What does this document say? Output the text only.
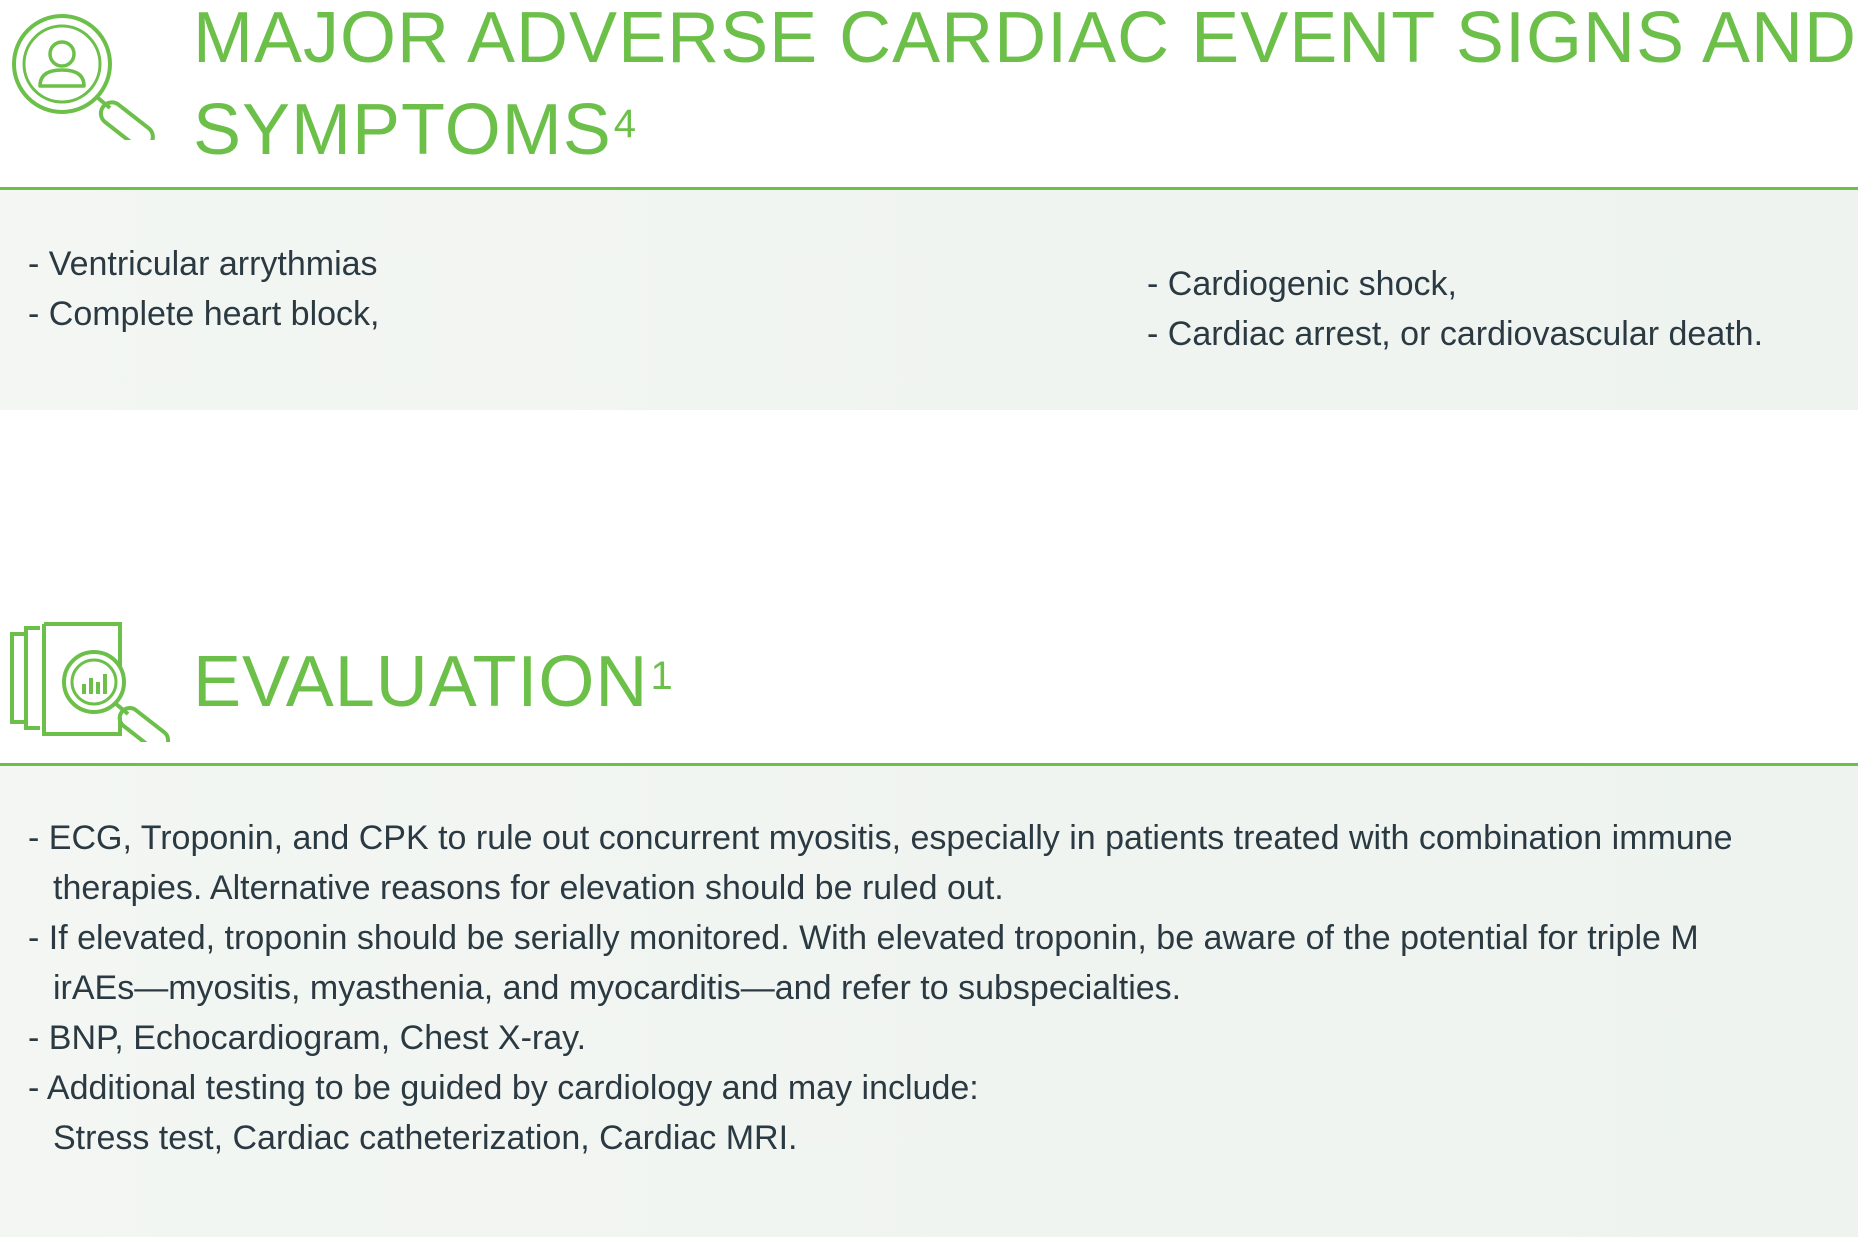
MAJOR ADVERSE CARDIAC EVENT SIGNS AND
SYMPTOMS$^4$
- Ventricular arrythmias
- Complete heart block,
- Cardiogenic shock,
- Cardiac arrest, or cardiovascular death.
EVALUATION$^1$
- ECG, Troponin, and CPK to rule out concurrent myositis, especially in patients treated with combination immune
therapies. Alternative reasons for elevation should be ruled out.
- If elevated, troponin should be serially monitored. With elevated troponin, be aware of the potential for triple M
irAEs—myositis, myasthenia, and myocarditis—and refer to subspecialties.
- BNP, Echocardiogram, Chest X-ray.
- Additional testing to be guided by cardiology and may include:
Stress test, Cardiac catheterization, Cardiac MRI.
